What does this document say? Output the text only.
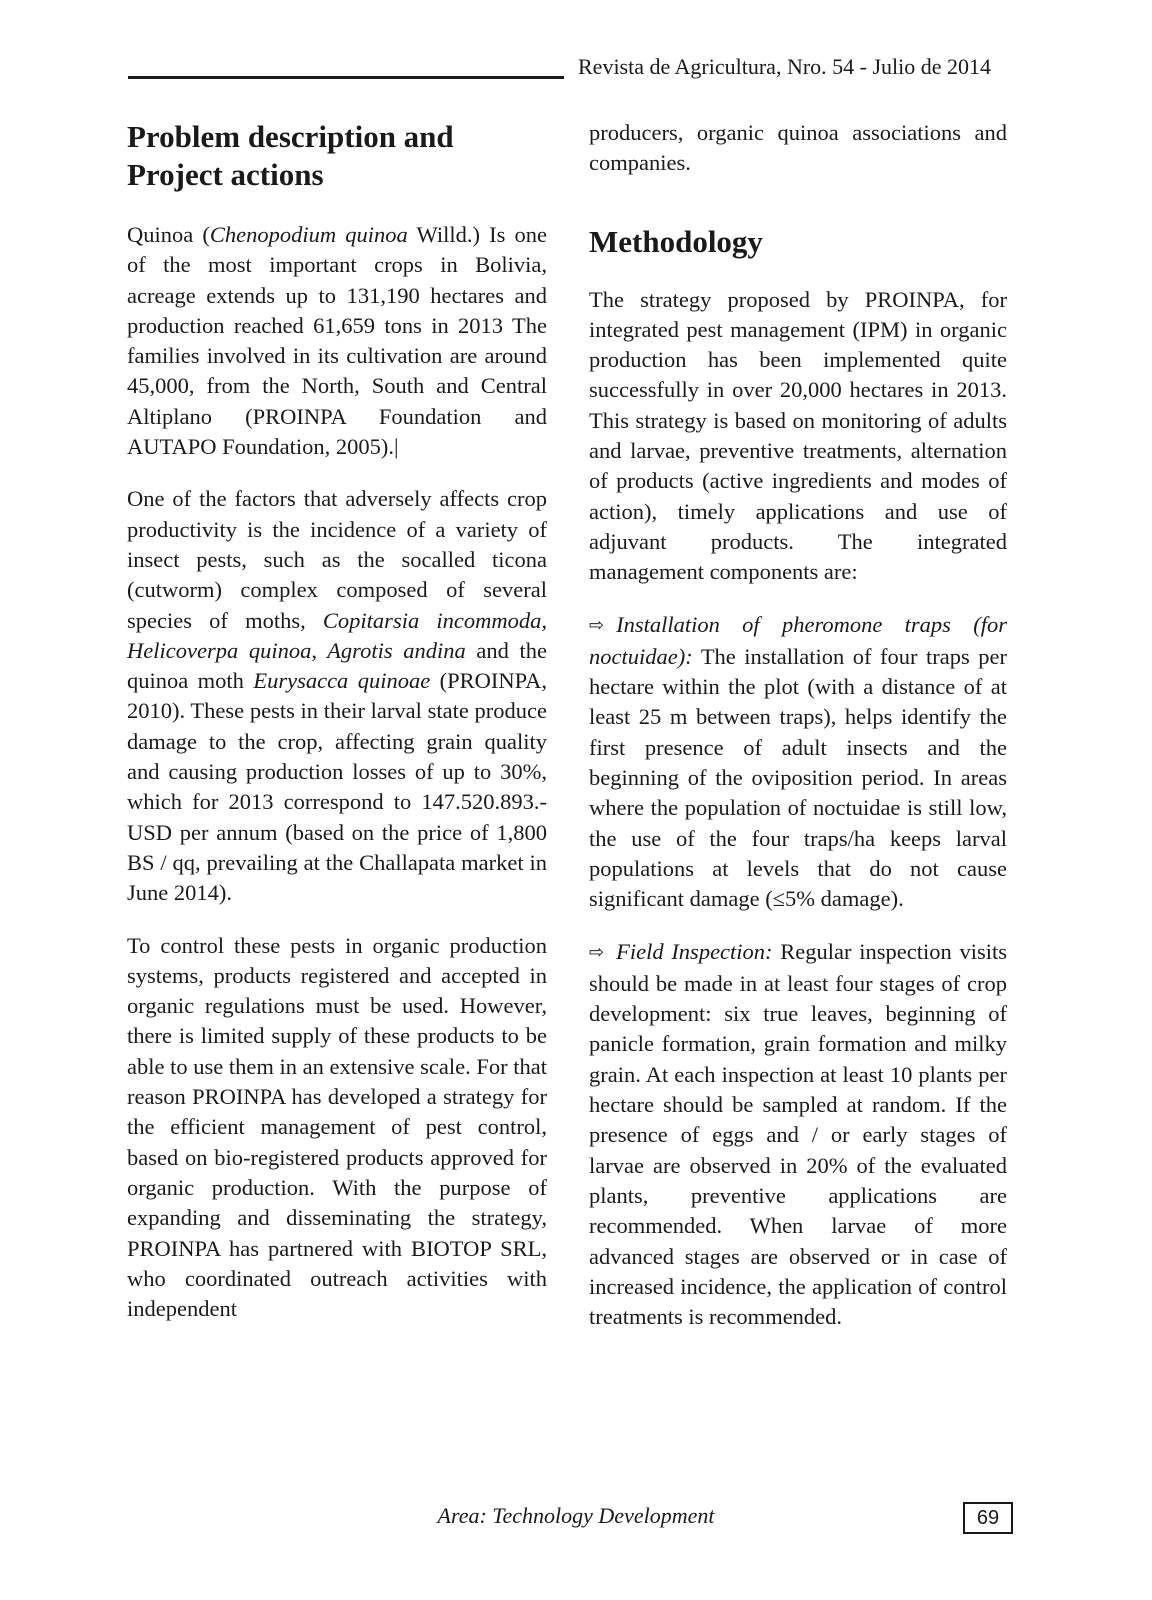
Revista de Agricultura, Nro. 54 - Julio de 2014
Problem description and Project actions

Quinoa (Chenopodium quinoa Willd.) Is one of the most important crops in Bolivia, acreage extends up to 131,190 hectares and production reached 61,659 tons in 2013 The families involved in its cultivation are around 45,000, from the North, South and Central Altiplano (PROINPA Foundation and AUTAPO Foundation, 2005).|

One of the factors that adversely affects crop productivity is the incidence of a variety of insect pests, such as the socalled ticona (cutworm) complex composed of several species of moths, Copitarsia incommoda, Helicoverpa quinoa, Agrotis andina and the quinoa moth Eurysacca quinoae (PROINPA, 2010). These pests in their larval state produce damage to the crop, affecting grain quality and causing production losses of up to 30%, which for 2013 correspond to 147.520.893.- USD per annum (based on the price of 1,800 BS / qq, prevailing at the Challapata market in June 2014).

To control these pests in organic production systems, products registered and accepted in organic regulations must be used. However, there is limited supply of these products to be able to use them in an extensive scale. For that reason PROINPA has developed a strategy for the efficient management of pest control, based on bio-registered products approved for organic production. With the purpose of expanding and disseminating the strategy, PROINPA has partnered with BIOTOP SRL, who coordinated outreach activities with independent

producers, organic quinoa associations and companies.

Methodology

The strategy proposed by PROINPA, for integrated pest management (IPM) in organic production has been implemented quite successfully in over 20,000 hectares in 2013. This strategy is based on monitoring of adults and larvae, preventive treatments, alternation of products (active ingredients and modes of action), timely applications and use of adjuvant products. The integrated management components are:

⇨ Installation of pheromone traps (for noctuidae): The installation of four traps per hectare within the plot (with a distance of at least 25 m between traps), helps identify the first presence of adult insects and the beginning of the oviposition period. In areas where the population of noctuidae is still low, the use of the four traps/ha keeps larval populations at levels that do not cause significant damage (≤5% damage).

⇨ Field Inspection: Regular inspection visits should be made in at least four stages of crop development: six true leaves, beginning of panicle formation, grain formation and milky grain. At each inspection at least 10 plants per hectare should be sampled at random. If the presence of eggs and / or early stages of larvae are observed in 20% of the evaluated plants, preventive applications are recommended. When larvae of more advanced stages are observed or in case of increased incidence, the application of control treatments is recommended.

Area: Technology Development	69
